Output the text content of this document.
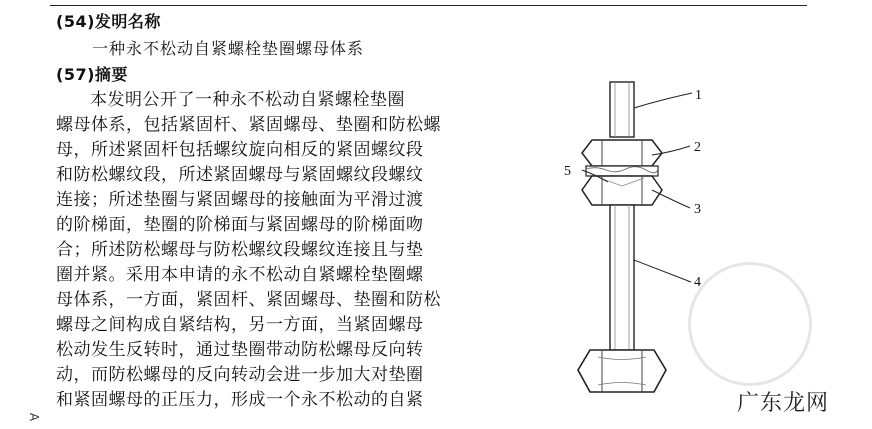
(54)发明名称
一种永不松动自紧螺栓垫圈螺母体系
(57)摘要
本发明公开了一种永不松动自紧螺栓垫圈
螺母体系，包括紧固杆、紧固螺母、垫圈和防松螺
母，所述紧固杆包括螺纹旋向相反的紧固螺纹段
和防松螺纹段，所述紧固螺母与紧固螺纹段螺纹
连接；所述垫圈与紧固螺母的接触面为平滑过渡
的阶梯面，垫圈的阶梯面与紧固螺母的阶梯面吻
合；所述防松螺母与防松螺纹段螺纹连接且与垫
圈并紧。采用本申请的永不松动自紧螺栓垫圈螺
母体系，一方面，紧固杆、紧固螺母、垫圈和防松
螺母之间构成自紧结构，另一方面，当紧固螺母
松动发生反转时，通过垫圈带动防松螺母反向转
动，而防松螺母的反向转动会进一步加大对垫圈
和紧固螺母的正压力，形成一个永不松动的自紧
A
1
2
3
4
5
广东龙网
